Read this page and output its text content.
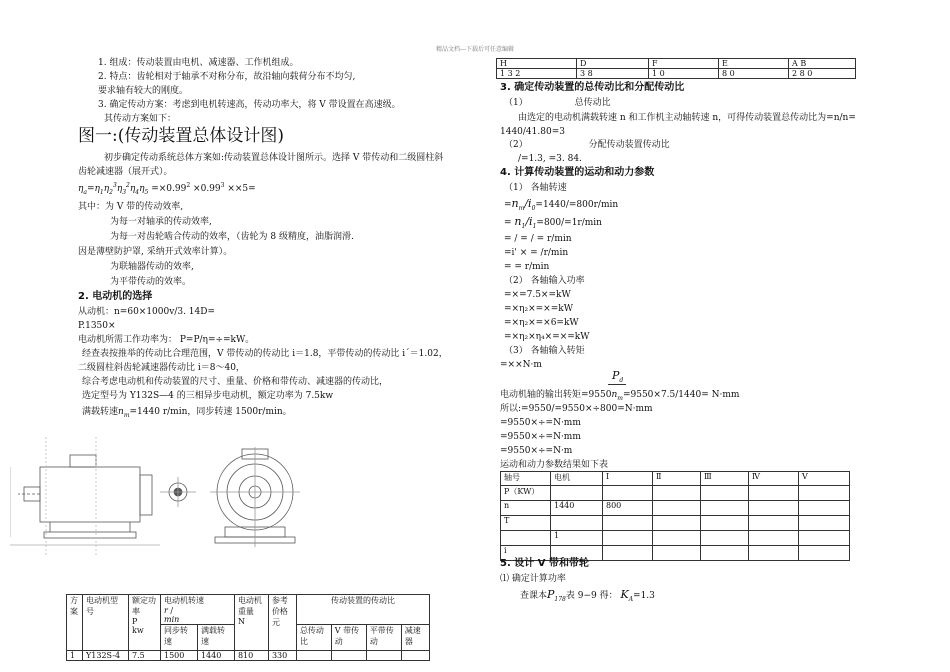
精品文档---下载后可任意编辑
1. 组成：传动装置由电机、减速器、工作机组成。
2. 特点：齿轮相对于轴承不对称分布，故沿轴向载荷分布不均匀,
要求轴有较大的刚度。
3. 确定传动方案：考虑到电机转速高，传动功率大，将 V 带设置在高速级。
其传动方案如下：
图一:(传动装置总体设计图)
初步确定传动系统总体方案如:传动装置总体设计图所示。选择 V 带传动和二级圆柱斜
齿轮减速器（展开式）。
$\eta_a=\eta_1\eta_2^3\eta_3^2\eta_4\eta_5 =\times 0.99^2 \times 0.99^3 \times\times 5=$
其中：为 V 带的传动效率,
为每一对轴承的传动效率,
为每一对齿轮啮合传动的效率，（齿轮为 8 级精度，油脂润滑.
因是薄壁防护罩, 采纳开式效率计算）。
为联轴器传动的效率,
为平带传动的效率。
2. 电动机的选择
从动机：n=60×1000v/3. 14D=
P.1350×
电动机所需工作功率为： P=P/η=÷=kW。
经查表按推举的传动比合理范围，V 带传动的传动比 i＝1.8，平带传动的传动比 iˊ＝1.02，
二级圆柱斜齿轮减速器传动比 i＝8～40，
综合考虑电动机和传动装置的尺寸、重量、价格和带传动、减速器的传动比，
选定型号为 Y132S—4 的三相异步电动机，额定功率为 7.5kw
满载转速$n_m=1440$ r/min，同步转速 1500r/min。
方案	电动机型号	额定功率
P
kw	电动机转速
r /
min		电动机重量
N	参考价格
元	传动装置的传动比			
			同步转速	满载转速			总传动比	V 带传动	平带传动	减速器
1	Y132S-4	7.5	1500	1440	810	330				
H	D	F	E	A B
1 3 2	3 8	1 0	8 0	2 8 0
3. 确定传动装置的总传动比和分配传动比
（1）	总传动比
由选定的电动机满载转速 n 和工作机主动轴转速 n，可得传动装置总传动比为=n/n=
1440/41.80=3
（2）	分配传动装置传动比
/=1.3, =3. 84.
4. 计算传动装置的运动和动力参数
（1） 各轴转速
$=n_m/i_0=1440/=800r/\min$
= $n_1/i_1=800/=1r/\min$
= / = / = r/min
=i' × = /r/min
= = r/min
（2） 各轴输入功率
=×=7.5×=kW
=×η₂×=×=kW
=×η₂×=×6=kW
=×η₂×η₄×=×=kW
（3） 各轴输入转矩
=××N·m
$P_d$
电动机轴的输出转矩$=9550n_m=9550\times 7.5/1440= N\cdot mm$
所以:=9550/=9550×÷800=N·mm
=9550×÷=N·mm
=9550×÷=N·mm
=9550×÷=N·m
运动和动力参数结果如下表
轴号	电机	Ⅰ	Ⅱ	Ⅲ	Ⅳ	Ⅴ
P（KW）						
n	1440	800				
T						
	1					
i						
5. 设计 V 带和带轮
⑴ 确定计算功率
查课本$P_{178}$表 9−9 得： $K_A=1.3$
